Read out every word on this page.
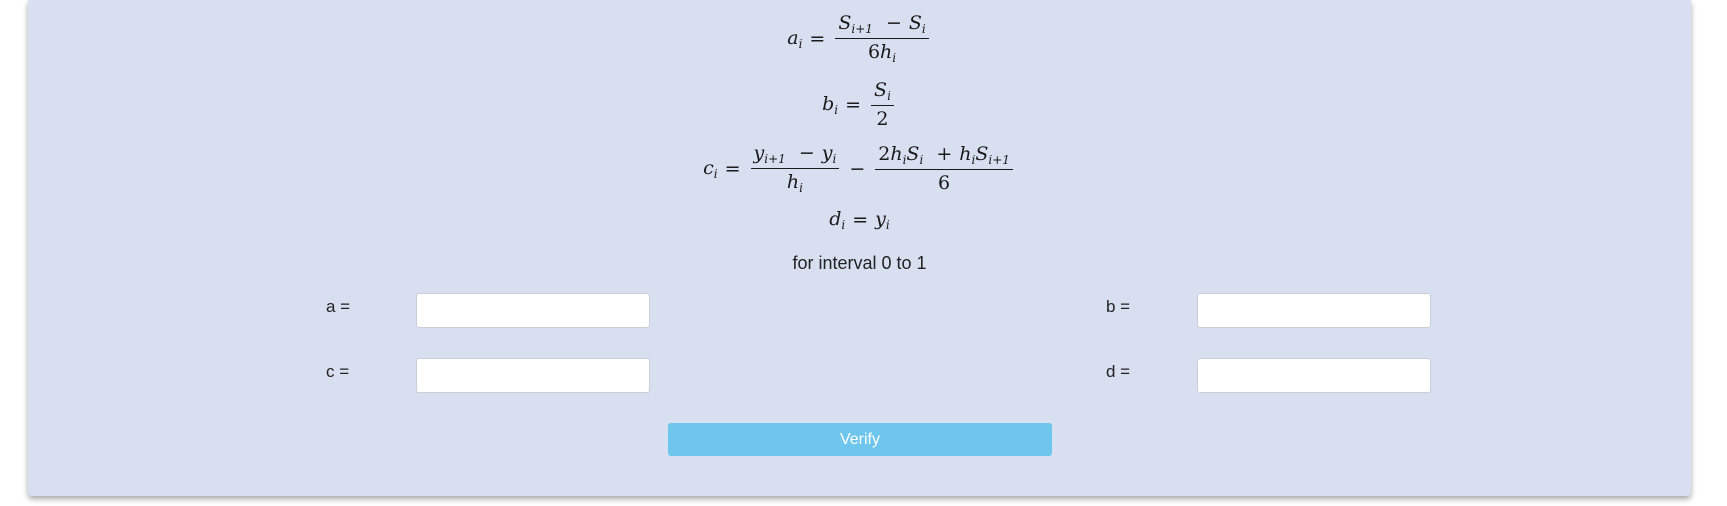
$a_i = \frac{S_{i+1} - S_i}{6h_i}$
$b_i = \frac{S_i}{2}$
$c_i = \frac{y_{i+1} - y_i}{h_i} - \frac{2h_iS_i + h_iS_{i+1}}{6}$
$d_i = y_i$
for interval 0 to 1
a =	b =
c =	d =
Verify
